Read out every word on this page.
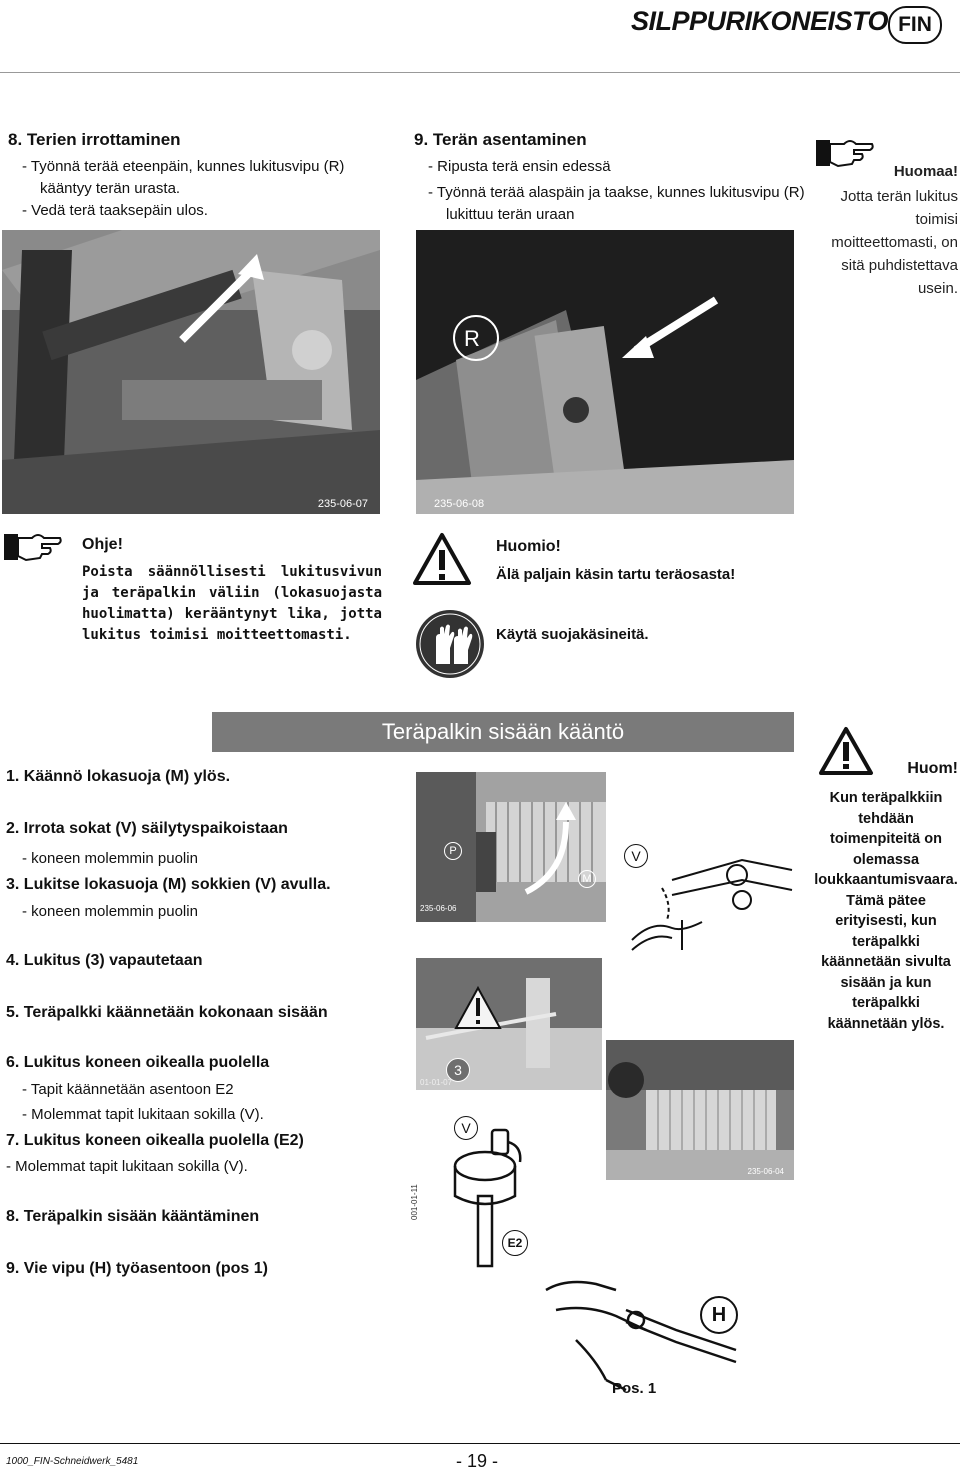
SILPPURIKONEISTO FIN
8. Terien irrottaminen
- Työnnä terää eteenpäin, kunnes lukitusvipu (R) kääntyy terän urasta.
- Vedä terä taaksepäin ulos.
235-06-07
9. Terän asentaminen
- Ripusta terä ensin edessä
- Työnnä terää alaspäin ja taakse, kunnes lukitusvipu (R) lukittuu terän uraan
R
235-06-08
Huomaa!
Jotta terän lukitus toimisi moitteettomasti, on sitä puhdistettava usein.
Ohje!
Poista säännöllisesti lukitusvivun ja teräpalkin väliin (lokasuojasta huolimatta) kerääntynyt lika, jotta lukitus toimisi moitteettomasti.
Huomio!
Älä paljain käsin tartu teräosasta!
Käytä suojakäsineitä.
Teräpalkin sisään kääntö
1. Käännö lokasuoja (M) ylös.
2. Irrota sokat (V) säilytyspaikoistaan
- koneen molemmin puolin
3. Lukitse lokasuoja (M) sokkien (V) avulla.
- koneen molemmin puolin
4. Lukitus (3) vapautetaan
5. Teräpalkki käännetään kokonaan sisään
6. Lukitus koneen oikealla puolella
- Tapit käännetään asentoon E2
- Molemmat tapit lukitaan sokilla (V).
7. Lukitus koneen oikealla puolella (E2)
- Molemmat tapit lukitaan sokilla (V).
8. Teräpalkin sisään kääntäminen
9. Vie vipu (H) työasentoon (pos 1)
P
M
235-06-06
V
3
01-01-07
235-06-04
V
E2
001-01-11
H
Pos. 1
Huom!
Kun teräpalkkiin tehdään toimenpiteitä on olemassa loukkaantumisvaara. Tämä pätee erityisesti, kun teräpalkki käännetään sivulta sisään ja kun teräpalkki käännetään ylös.
1000_FIN-Schneidwerk_5481	- 19 -
